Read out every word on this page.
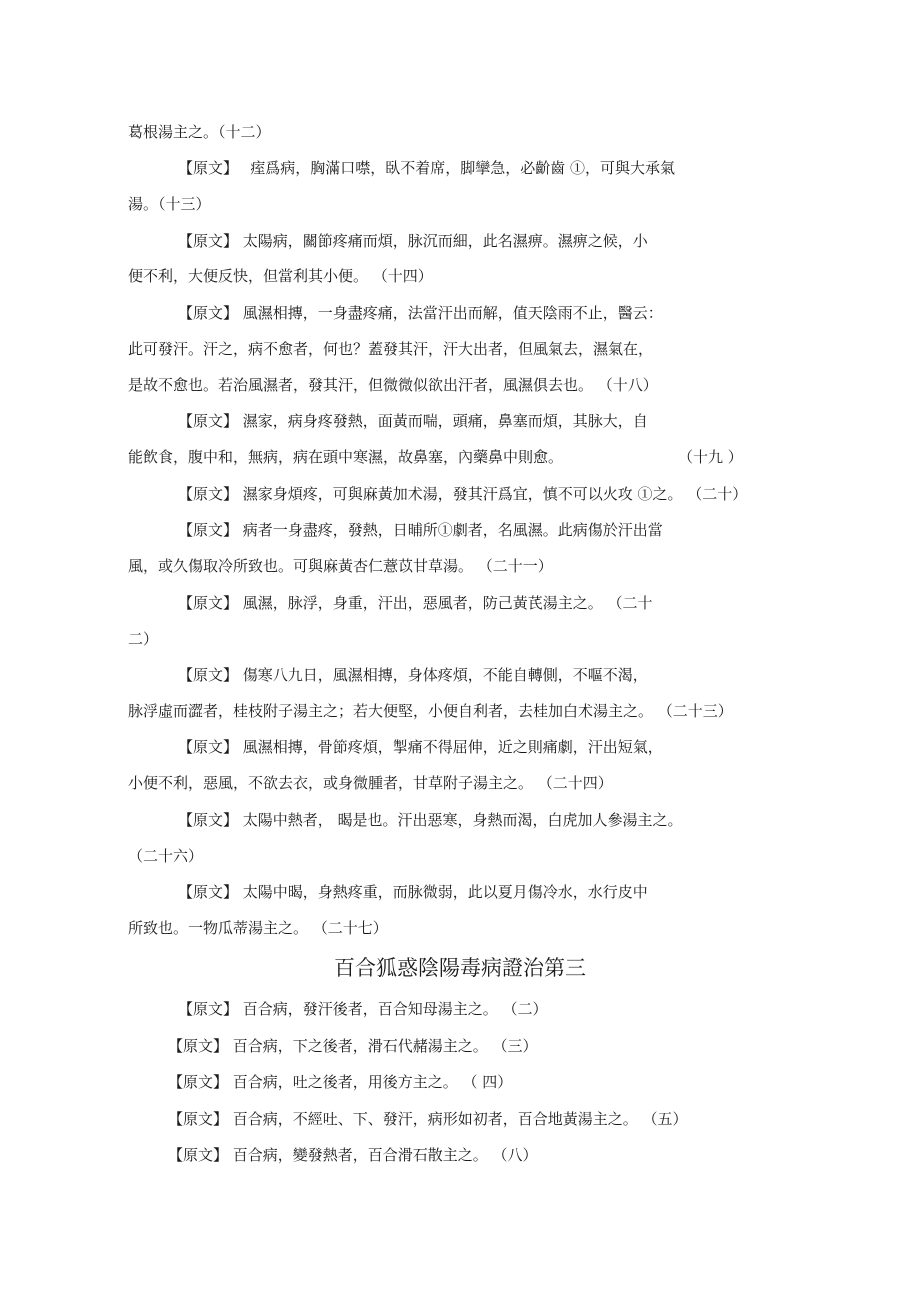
葛根湯主之。（十二）
【原文】　 痓爲病，胸滿口噤，臥不着席，脚攣急，必齘齒 ①，可與大承氣
湯。（十三）
【原文】 太陽病，關節疼痛而煩，脉沉而細，此名濕痹。濕痹之候，小
便不利，大便反快，但當利其小便。 （十四）
【原文】 風濕相摶，一身盡疼痛，法當汗出而解，值天陰雨不止，醫云：
此可發汗。汗之，病不愈者，何也？蓋發其汗，汗大出者，但風氣去，濕氣在，
是故不愈也。若治風濕者，發其汗，但微微似欲出汗者，風濕俱去也。 （十八）
【原文】 濕家，病身疼發熱，面黃而喘，頭痛，鼻塞而煩，其脉大，自
能飲食，腹中和，無病，病在頭中寒濕，故鼻塞，內藥鼻中則愈。	（十九 ）
【原文】 濕家身煩疼，可與麻黃加术湯，發其汗爲宜，慎不可以火攻 ①之。 （二十）
【原文】 病者一身盡疼，發熱，日晡所①劇者，名風濕。此病傷於汗出當
風，或久傷取冷所致也。可與麻黃杏仁薏苡甘草湯。 （二十一）
【原文】 風濕，脉浮，身重，汗出，惡風者，防己黃芪湯主之。 （二十
二）
【原文】 傷寒八九日，風濕相摶，身体疼煩，不能自轉側，不嘔不渴，
脉浮虛而澀者，桂枝附子湯主之；若大便堅，小便自利者，去桂加白术湯主之。 （二十三）
【原文】 風濕相摶，骨節疼煩，掣痛不得屈伸，近之則痛劇，汗出短氣，
小便不利，惡風，不欲去衣，或身微腫者，甘草附子湯主之。 （二十四）
【原文】 太陽中熱者， 暍是也。汗出惡寒，身熱而渴，白虎加人參湯主之。
（二十六）
【原文】 太陽中暍，身熱疼重，而脉微弱，此以夏月傷冷水，水行皮中
所致也。一物瓜蒂湯主之。 （二十七）
百合狐惑陰陽毒病證治第三
【原文】 百合病，發汗後者，百合知母湯主之。 （二）
【原文】 百合病，下之後者，滑石代赭湯主之。 （三）
【原文】 百合病，吐之後者，用後方主之。 （ 四）
【原文】 百合病，不經吐、下、發汗，病形如初者，百合地黃湯主之。 （五）
【原文】 百合病，變發熱者，百合滑石散主之。 （八）
